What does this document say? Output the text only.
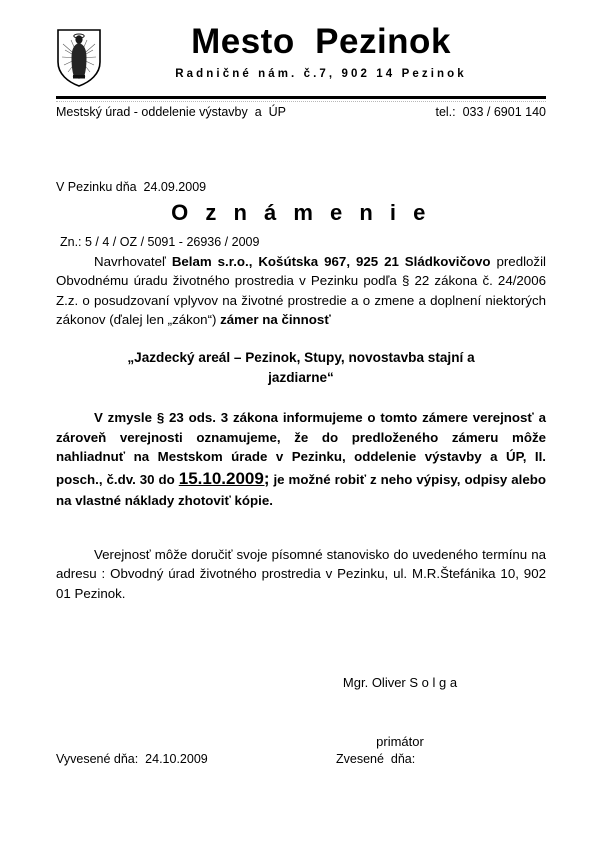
Mesto  Pezinok
Radničné nám. č.7, 902 14 Pezinok
Mestský úrad - oddelenie výstavby  a  ÚP	tel.:  033 / 6901 140

V Pezinku dňa  24.09.2009

Zn.: 5 / 4 / OZ / 5091 - 26936 / 2009

O z n á m e n i e

Navrhovateľ Belam s.r.o., Košútska 967, 925 21 Sládkovičovo predložil Obvodnému úradu životného prostredia v Pezinku podľa § 22 zákona č. 24/2006 Z.z. o posudzovaní vplyvov na životné prostredie a o zmene a doplnení niektorých zákonov (ďalej len „zákon“) zámer na činnosť

„Jazdecký areál – Pezinok, Stupy, novostavba stajní a
jazdiarne“

V zmysle § 23 ods. 3 zákona informujeme o tomto zámere verejnosť a zároveň verejnosti oznamujeme, že do predloženého zámeru môže nahliadnuť na Mestskom úrade v Pezinku, oddelenie výstavby a ÚP, II. posch., č.dv. 30 do 15.10.2009; je možné robiť z neho výpisy, odpisy alebo na vlastné náklady zhotoviť kópie.

Verejnosť môže doručiť svoje písomné stanovisko do uvedeného termínu na adresu : Obvodný úrad životného prostredia v Pezinku, ul. M.R.Štefánika 10, 902 01 Pezinok.

Mgr. Oliver S o l g a

primátor

Vyvesené dňa:  24.10.2009	Zvesené  dňa:
